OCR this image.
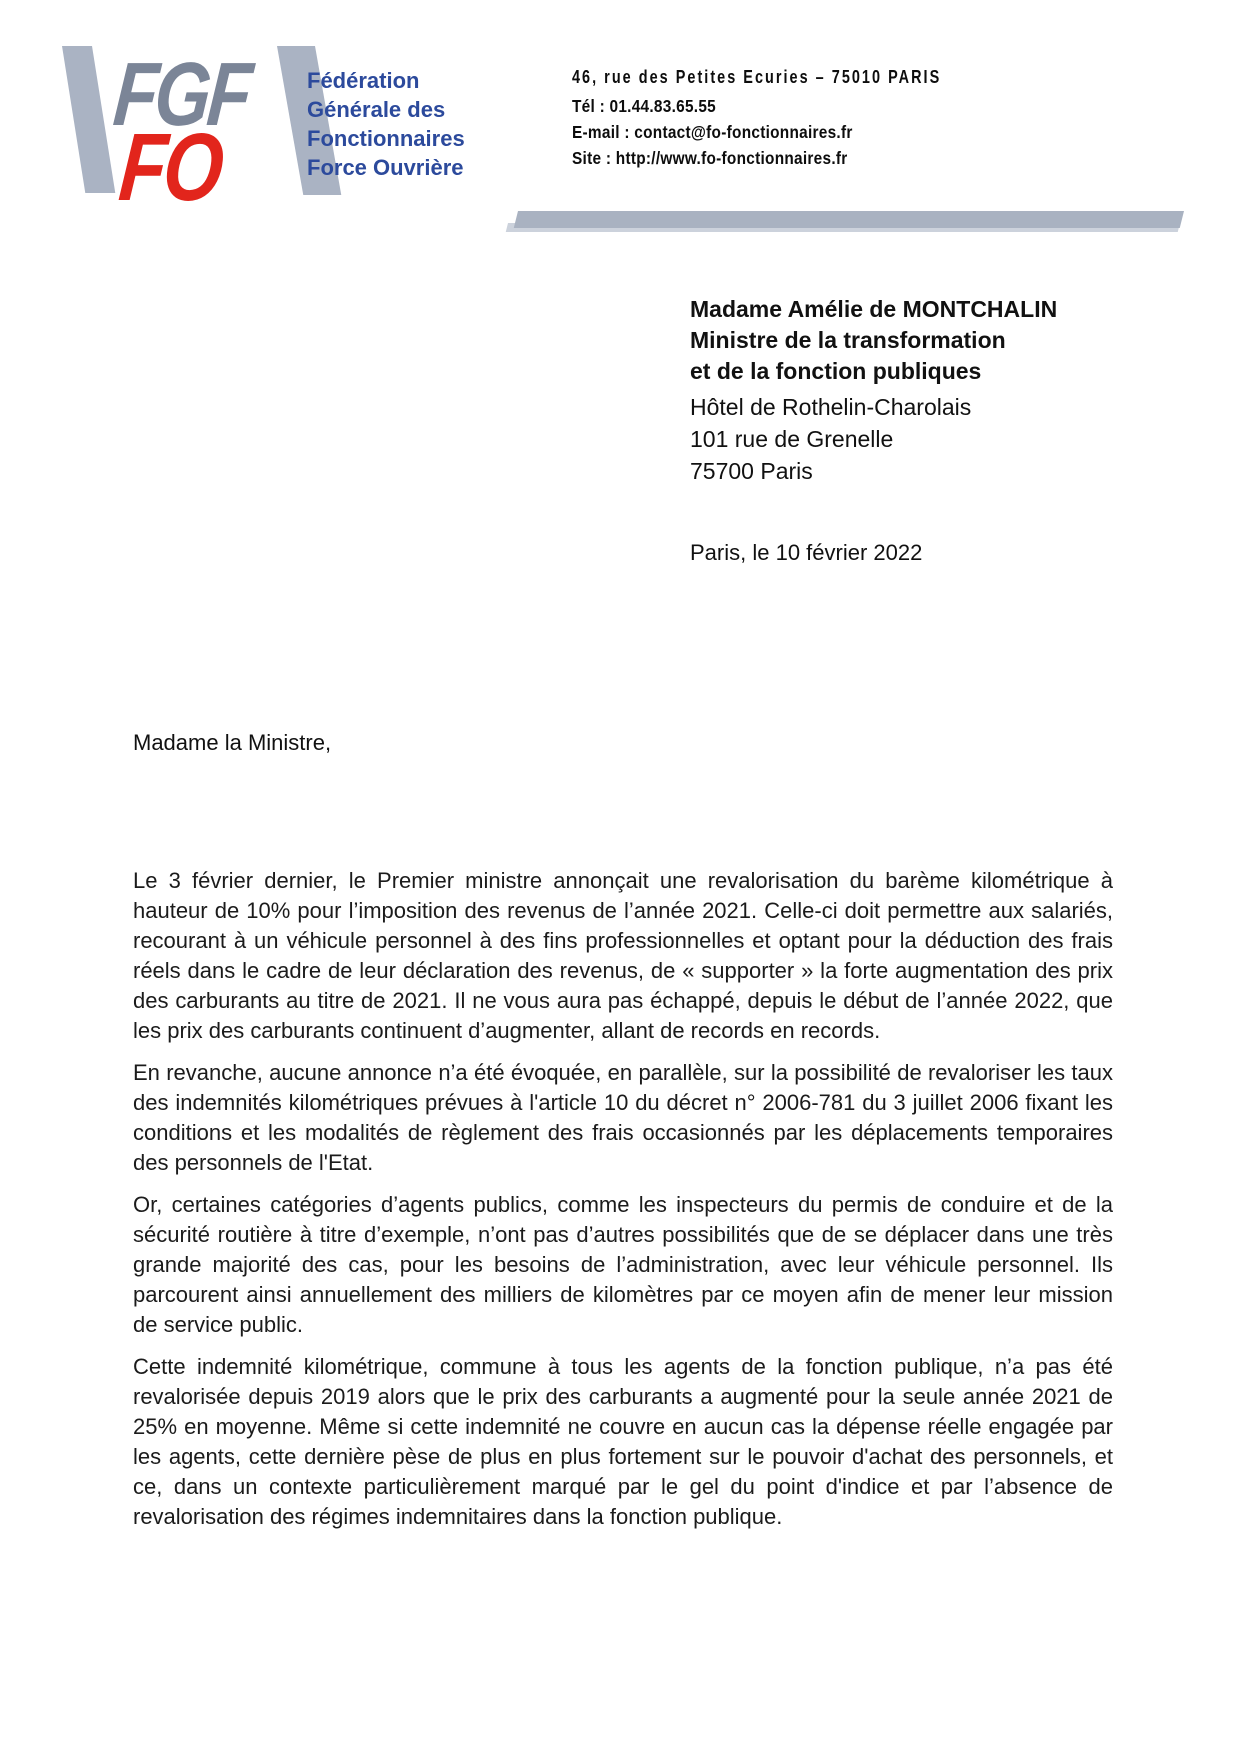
FGF
FO
Fédération
Générale des
Fonctionnaires
Force Ouvrière
46, rue des Petites Ecuries – 75010 PARIS
Tél : 01.44.83.65.55
E-mail : contact@fo-fonctionnaires.fr
Site : http://www.fo-fonctionnaires.fr
Madame Amélie de MONTCHALIN
Ministre de la transformation
et de la fonction publiques
Hôtel de Rothelin-Charolais
101 rue de Grenelle
75700 Paris
Paris, le 10 février 2022
Madame la Ministre,

Le 3 février dernier, le Premier ministre annonçait une revalorisation du barème kilométrique à hauteur de 10% pour l’imposition des revenus de l’année 2021. Celle-ci doit permettre aux salariés, recourant à un véhicule personnel à des fins professionnelles et optant pour la déduction des frais réels dans le cadre de leur déclaration des revenus, de « supporter » la forte augmentation des prix des carburants au titre de 2021. Il ne vous aura pas échappé, depuis le début de l’année 2022, que les prix des carburants continuent d’augmenter, allant de records en records.

En revanche, aucune annonce n’a été évoquée, en parallèle, sur la possibilité de revaloriser les taux des indemnités kilométriques prévues à l'article 10 du décret n° 2006-781 du 3 juillet 2006 fixant les conditions et les modalités de règlement des frais occasionnés par les déplacements temporaires des personnels de l'Etat.

Or, certaines catégories d’agents publics, comme les inspecteurs du permis de conduire et de la sécurité routière à titre d’exemple, n’ont pas d’autres possibilités que de se déplacer dans une très grande majorité des cas, pour les besoins de l’administration, avec leur véhicule personnel. Ils parcourent ainsi annuellement des milliers de kilomètres par ce moyen afin de mener leur mission de service public.

Cette indemnité kilométrique, commune à tous les agents de la fonction publique, n’a pas été revalorisée depuis 2019 alors que le prix des carburants a augmenté pour la seule année 2021 de 25% en moyenne. Même si cette indemnité ne couvre en aucun cas la dépense réelle engagée par les agents, cette dernière pèse de plus en plus fortement sur le pouvoir d'achat des personnels, et ce, dans un contexte particulièrement marqué par le gel du point d'indice et par l’absence de revalorisation des régimes indemnitaires dans la fonction publique.
